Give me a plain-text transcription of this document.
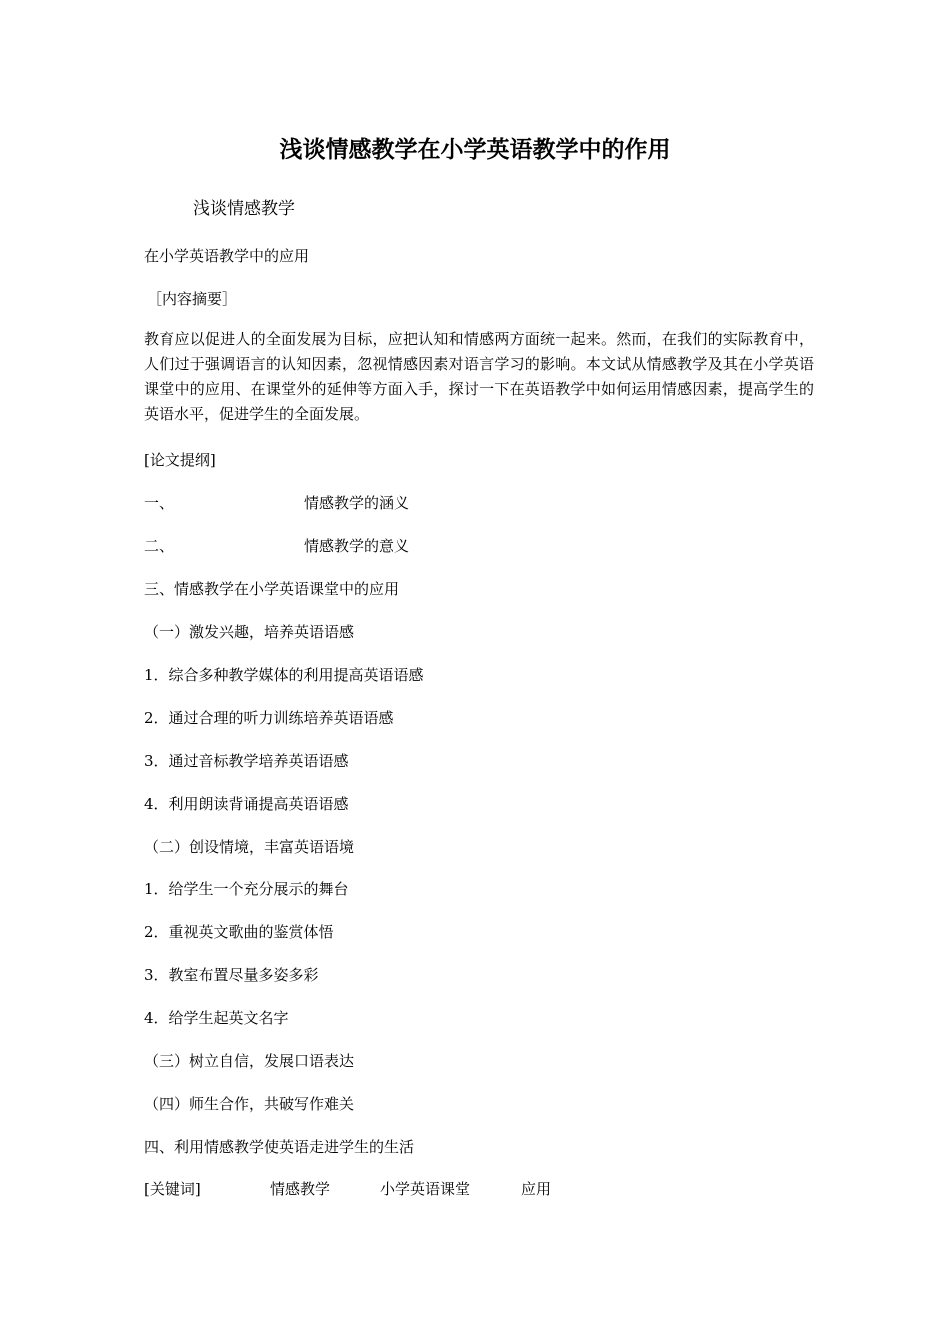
浅谈情感教学在小学英语教学中的作用
浅谈情感教学
在小学英语教学中的应用
［内容摘要］
教育应以促进人的全面发展为目标，应把认知和情感两方面统一起来。然而，在我们的实际教育中，人们过于强调语言的认知因素，忽视情感因素对语言学习的影响。本文试从情感教学及其在小学英语课堂中的应用、在课堂外的延伸等方面入手，探讨一下在英语教学中如何运用情感因素，提高学生的英语水平，促进学生的全面发展。
[论文提纲]
一、	情感教学的涵义
二、	情感教学的意义
三、情感教学在小学英语课堂中的应用
（一）激发兴趣，培养英语语感
1．综合多种教学媒体的利用提高英语语感
2．通过合理的听力训练培养英语语感
3．通过音标教学培养英语语感
4．利用朗读背诵提高英语语感
（二）创设情境，丰富英语语境
1．给学生一个充分展示的舞台
2．重视英文歌曲的鉴赏体悟
3．教室布置尽量多姿多彩
4．给学生起英文名字
（三）树立自信，发展口语表达
（四）师生合作，共破写作难关
四、利用情感教学使英语走进学生的生活
[关键词]	情感教学	小学英语课堂	应用
